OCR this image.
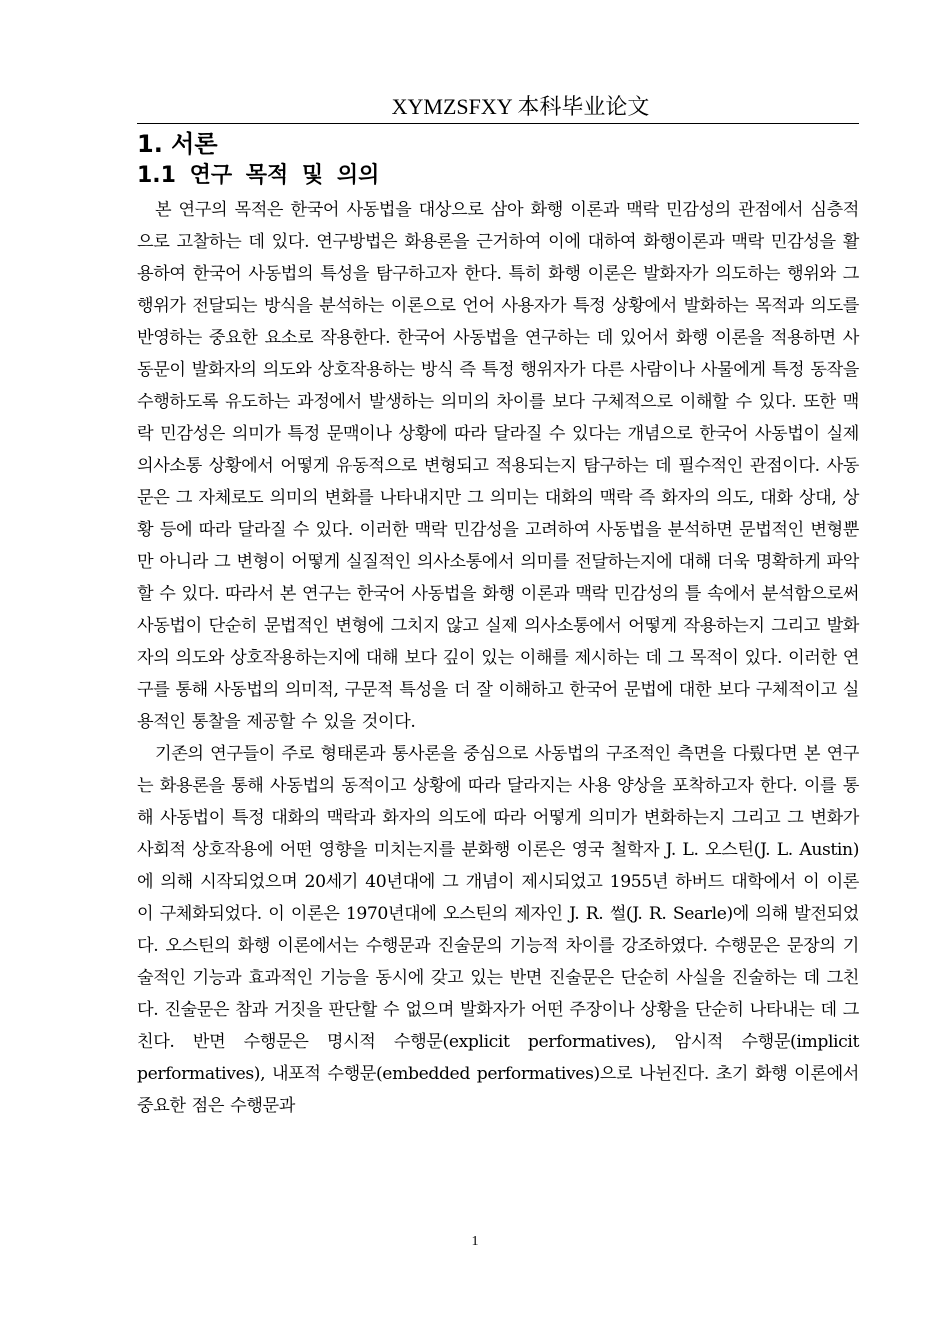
XYMZSFXY 本科毕业论文
1. 서론
1.1 연구 목적 및 의의

본 연구의 목적은 한국어 사동법을 대상으로 삼아 화행 이론과 맥락 민감성의 관점에서 심층적으로 고찰하는 데 있다. 연구방법은 화용론을 근거하여 이에 대하여 화행이론과 맥락 민감성을 활용하여 한국어 사동법의 특성을 탐구하고자 한다. 특히 화행 이론은 발화자가 의도하는 행위와 그 행위가 전달되는 방식을 분석하는 이론으로 언어 사용자가 특정 상황에서 발화하는 목적과 의도를 반영하는 중요한 요소로 작용한다. 한국어 사동법을 연구하는 데 있어서 화행 이론을 적용하면 사동문이 발화자의 의도와 상호작용하는 방식 즉 특정 행위자가 다른 사람이나 사물에게 특정 동작을 수행하도록 유도하는 과정에서 발생하는 의미의 차이를 보다 구체적으로 이해할 수 있다. 또한 맥락 민감성은 의미가 특정 문맥이나 상황에 따라 달라질 수 있다는 개념으로 한국어 사동법이 실제 의사소통 상황에서 어떻게 유동적으로 변형되고 적용되는지 탐구하는 데 필수적인 관점이다. 사동문은 그 자체로도 의미의 변화를 나타내지만 그 의미는 대화의 맥락 즉 화자의 의도, 대화 상대, 상황 등에 따라 달라질 수 있다. 이러한 맥락 민감성을 고려하여 사동법을 분석하면 문법적인 변형뿐만 아니라 그 변형이 어떻게 실질적인 의사소통에서 의미를 전달하는지에 대해 더욱 명확하게 파악할 수 있다. 따라서 본 연구는 한국어 사동법을 화행 이론과 맥락 민감성의 틀 속에서 분석함으로써 사동법이 단순히 문법적인 변형에 그치지 않고 실제 의사소통에서 어떻게 작용하는지 그리고 발화자의 의도와 상호작용하는지에 대해 보다 깊이 있는 이해를 제시하는 데 그 목적이 있다. 이러한 연구를 통해 사동법의 의미적, 구문적 특성을 더 잘 이해하고 한국어 문법에 대한 보다 구체적이고 실용적인 통찰을 제공할 수 있을 것이다.

기존의 연구들이 주로 형태론과 통사론을 중심으로 사동법의 구조적인 측면을 다뤘다면 본 연구는 화용론을 통해 사동법의 동적이고 상황에 따라 달라지는 사용 양상을 포착하고자 한다. 이를 통해 사동법이 특정 대화의 맥락과 화자의 의도에 따라 어떻게 의미가 변화하는지 그리고 그 변화가 사회적 상호작용에 어떤 영향을 미치는지를 분화행 이론은 영국 철학자 J. L. 오스틴(J. L. Austin)에 의해 시작되었으며 20세기 40년대에 그 개념이 제시되었고 1955년 하버드 대학에서 이 이론이 구체화되었다. 이 이론은 1970년대에 오스틴의 제자인 J. R. 썰(J. R. Searle)에 의해 발전되었다. 오스틴의 화행 이론에서는 수행문과 진술문의 기능적 차이를 강조하였다. 수행문은 문장의 기술적인 기능과 효과적인 기능을 동시에 갖고 있는 반면 진술문은 단순히 사실을 진술하는 데 그친다. 진술문은 참과 거짓을 판단할 수 없으며 발화자가 어떤 주장이나 상황을 단순히 나타내는 데 그친다. 반면 수행문은 명시적 수행문(explicit performatives), 암시적 수행문(implicit performatives), 내포적 수행문(embedded performatives)으로 나뉜진다. 초기 화행 이론에서 중요한 점은 수행문과

1
